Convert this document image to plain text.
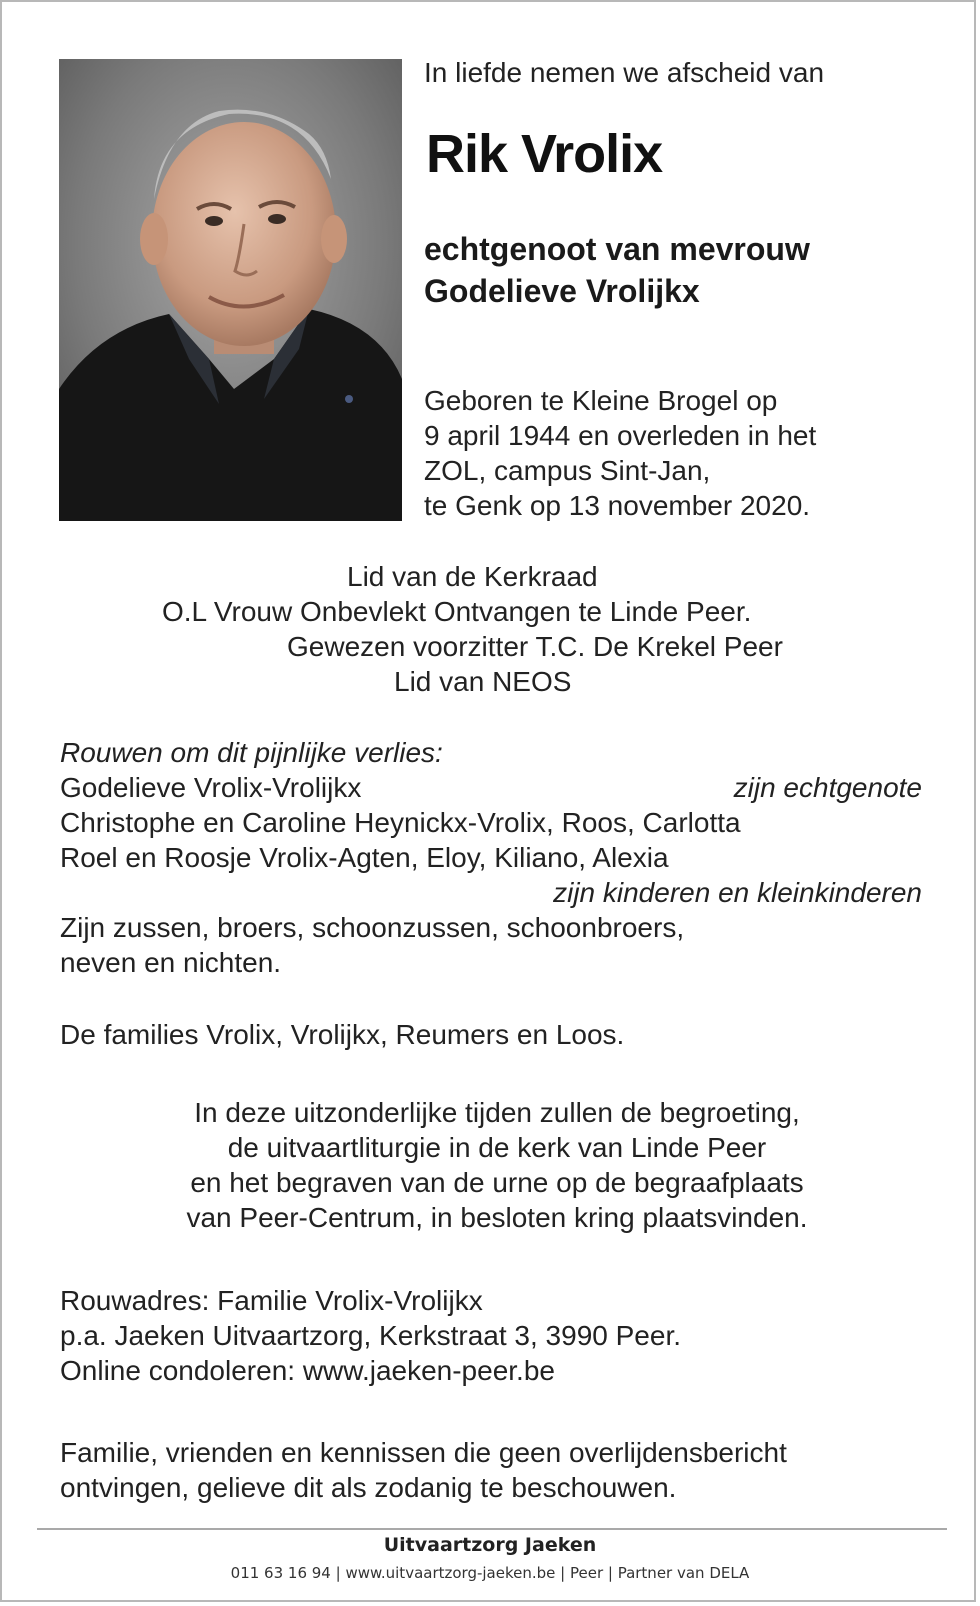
In liefde nemen we afscheid van
Rik Vrolix
echtgenoot van mevrouw
Godelieve Vrolijkx
Geboren te Kleine Brogel op
9 april 1944 en overleden in het
ZOL, campus Sint-Jan,
te Genk op 13 november 2020.
Lid van de Kerkraad
O.L Vrouw Onbevlekt Ontvangen te Linde Peer.
Gewezen voorzitter T.C. De Krekel Peer
Lid van NEOS
Rouwen om dit pijnlijke verlies:
Godelieve Vrolix-Vrolijkx	zijn echtgenote
Christophe en Caroline Heynickx-Vrolix, Roos, Carlotta
Roel en Roosje Vrolix-Agten, Eloy, Kiliano, Alexia
zijn kinderen en kleinkinderen
Zijn zussen, broers, schoonzussen, schoonbroers,
neven en nichten.
De families Vrolix, Vrolijkx, Reumers en Loos.
In deze uitzonderlijke tijden zullen de begroeting,
de uitvaartliturgie in de kerk van Linde Peer
en het begraven van de urne op de begraafplaats
van Peer-Centrum, in besloten kring plaatsvinden.
Rouwadres: Familie Vrolix-Vrolijkx
p.a. Jaeken Uitvaartzorg, Kerkstraat 3, 3990 Peer.
Online condoleren: www.jaeken-peer.be
Familie, vrienden en kennissen die geen overlijdensbericht
ontvingen, gelieve dit als zodanig te beschouwen.
Uitvaartzorg Jaeken
011 63 16 94 | www.uitvaartzorg-jaeken.be | Peer | Partner van DELA
